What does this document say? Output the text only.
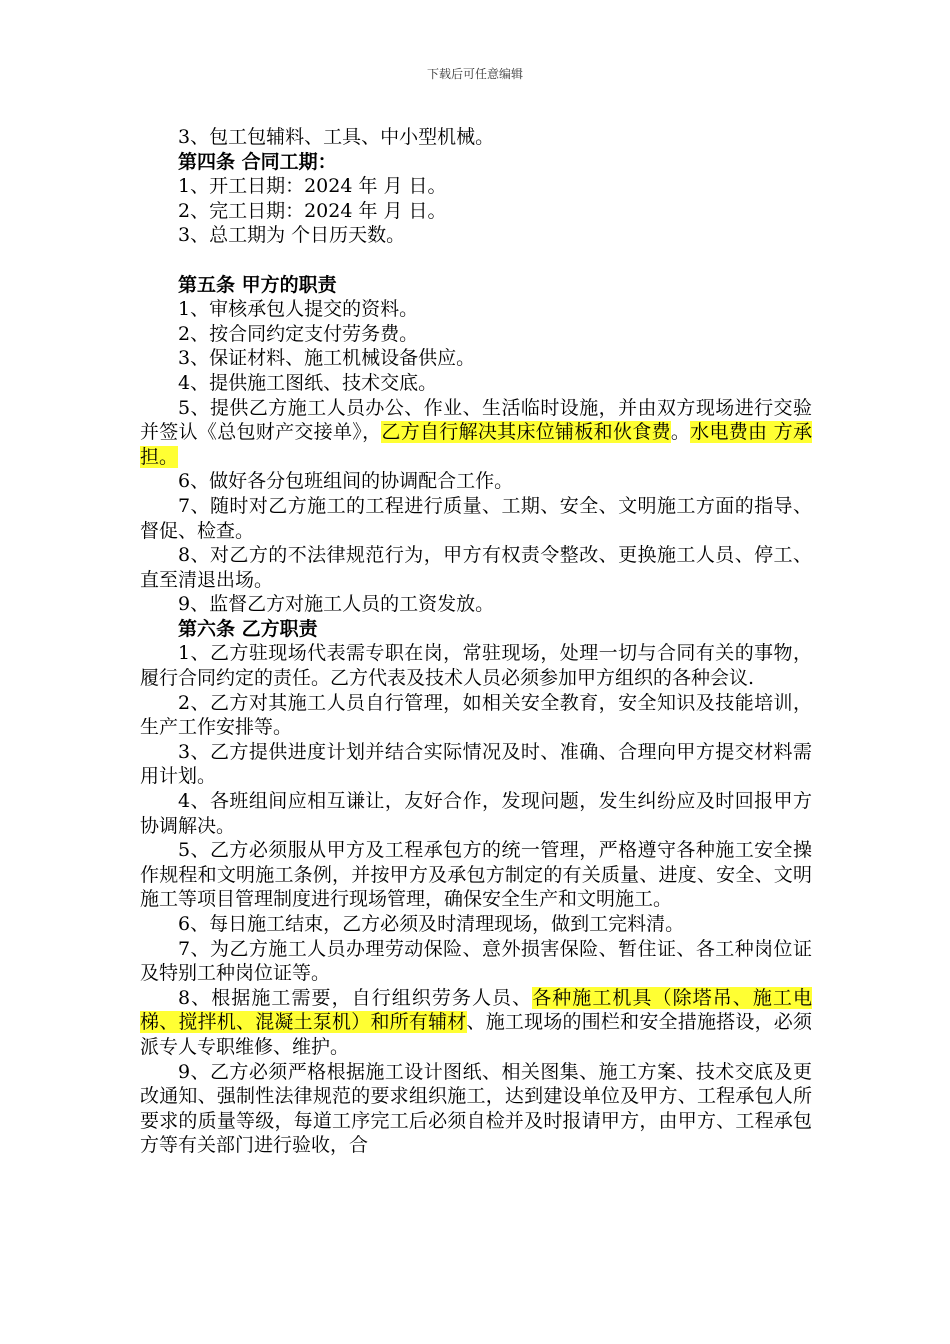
下载后可任意编辑

3、包工包辅料、工具、中小型机械。

第四条 合同工期：

1、开工日期：2024 年 月 日。

2、完工日期：2024 年 月 日。

3、总工期为 个日历天数。

第五条 甲方的职责

1、审核承包人提交的资料。

2、按合同约定支付劳务费。

3、保证材料、施工机械设备供应。

4、提供施工图纸、技术交底。

5、提供乙方施工人员办公、作业、生活临时设施，并由双方现场进行交验并签认《总包财产交接单》，乙方自行解决其床位铺板和伙食费。水电费由 方承担。

6、做好各分包班组间的协调配合工作。

7、随时对乙方施工的工程进行质量、工期、安全、文明施工方面的指导、督促、检查。

8、对乙方的不法律规范行为，甲方有权责令整改、更换施工人员、停工、直至清退出场。

9、监督乙方对施工人员的工资发放。

第六条 乙方职责

1、乙方驻现场代表需专职在岗，常驻现场，处理一切与合同有关的事物，履行合同约定的责任。乙方代表及技术人员必须参加甲方组织的各种会议.

2、乙方对其施工人员自行管理，如相关安全教育，安全知识及技能培训，生产工作安排等。

3、乙方提供进度计划并结合实际情况及时、准确、合理向甲方提交材料需用计划。

4、各班组间应相互谦让，友好合作，发现问题，发生纠纷应及时回报甲方协调解决。

5、乙方必须服从甲方及工程承包方的统一管理，严格遵守各种施工安全操作规程和文明施工条例，并按甲方及承包方制定的有关质量、进度、安全、文明施工等项目管理制度进行现场管理，确保安全生产和文明施工。

6、每日施工结束，乙方必须及时清理现场，做到工完料清。

7、为乙方施工人员办理劳动保险、意外损害保险、暂住证、各工种岗位证及特别工种岗位证等。

8、根据施工需要，自行组织劳务人员、各种施工机具（除塔吊、施工电梯、搅拌机、混凝土泵机）和所有辅材、施工现场的围栏和安全措施搭设，必须派专人专职维修、维护。

9、乙方必须严格根据施工设计图纸、相关图集、施工方案、技术交底及更改通知、强制性法律规范的要求组织施工，达到建设单位及甲方、工程承包人所要求的质量等级，每道工序完工后必须自检并及时报请甲方，由甲方、工程承包方等有关部门进行验收，合
